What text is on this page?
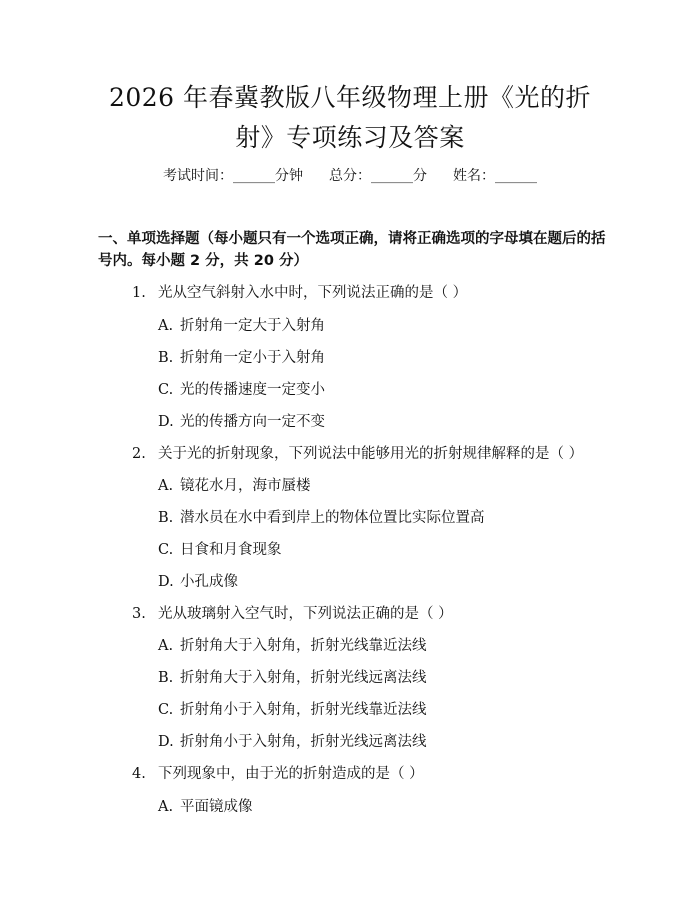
2026 年春冀教版八年级物理上册《光的折
射》专项练习及答案
考试时间：______分钟 总分：______分 姓名：______
一、单项选择题（每小题只有一个选项正确，请将正确选项的字母填在题后的括
号内。每小题 2 分，共 20 分）
1. 光从空气斜射入水中时，下列说法正确的是（ ）
A. 折射角一定大于入射角
B. 折射角一定小于入射角
C. 光的传播速度一定变小
D. 光的传播方向一定不变
2. 关于光的折射现象，下列说法中能够用光的折射规律解释的是（ ）
A. 镜花水月，海市蜃楼
B. 潜水员在水中看到岸上的物体位置比实际位置高
C. 日食和月食现象
D. 小孔成像
3. 光从玻璃射入空气时，下列说法正确的是（ ）
A. 折射角大于入射角，折射光线靠近法线
B. 折射角大于入射角，折射光线远离法线
C. 折射角小于入射角，折射光线靠近法线
D. 折射角小于入射角，折射光线远离法线
4. 下列现象中，由于光的折射造成的是（ ）
A. 平面镜成像
